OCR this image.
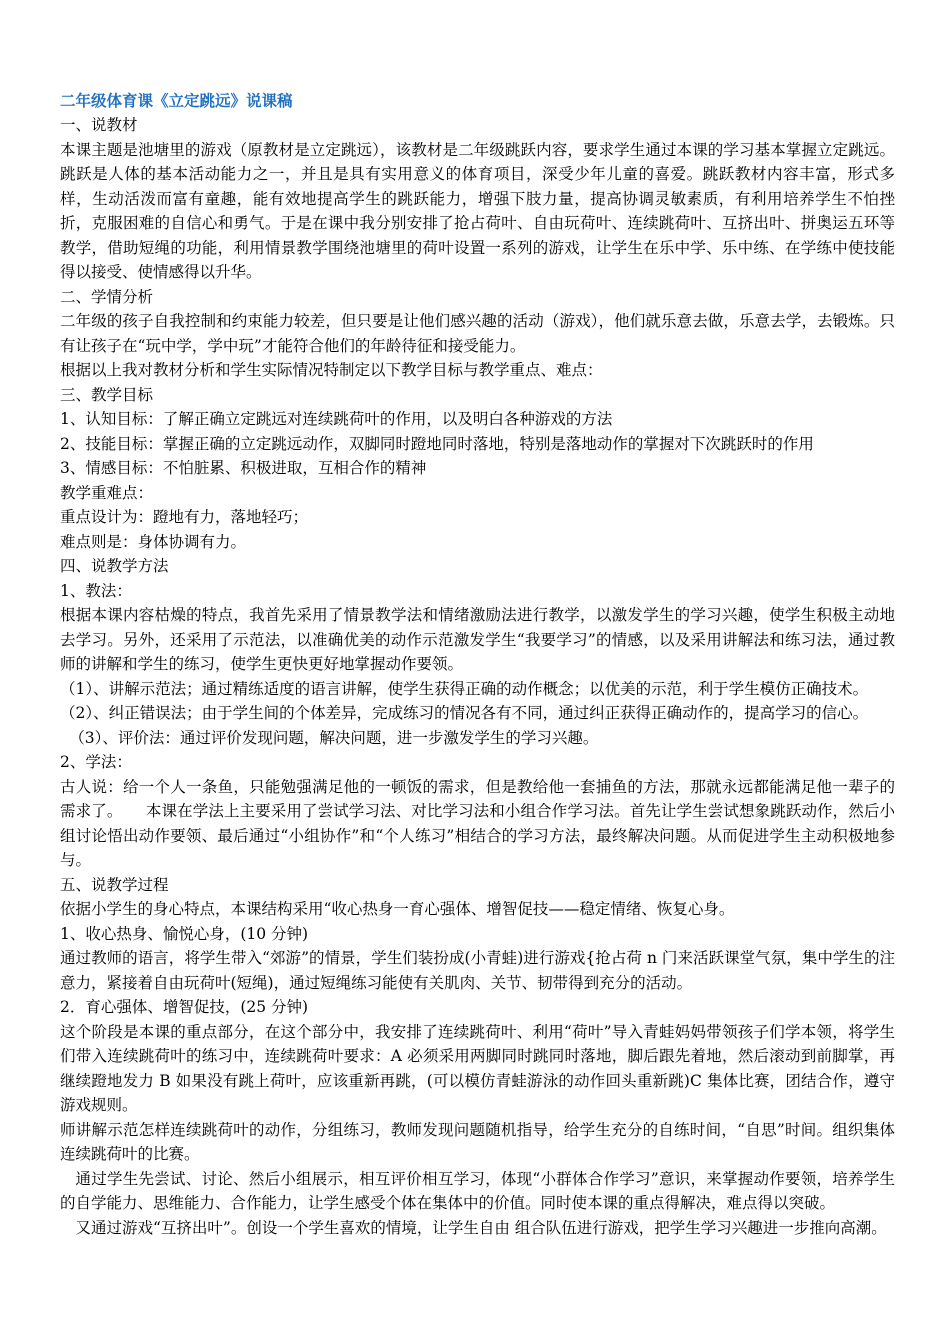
二年级体育课《立定跳远》说课稿

一、说教材

本课主题是池塘里的游戏（原教材是立定跳远），该教材是二年级跳跃内容，要求学生通过本课的学习基本掌握立定跳远。跳跃是人体的基本活动能力之一，并且是具有实用意义的体育项目，深受少年儿童的喜爱。跳跃教材内容丰富，形式多样，生动活泼而富有童趣，能有效地提高学生的跳跃能力，增强下肢力量，提高协调灵敏素质，有利用培养学生不怕挫折，克服困难的自信心和勇气。于是在课中我分别安排了抢占荷叶、自由玩荷叶、连续跳荷叶、互挤出叶、拼奥运五环等教学，借助短绳的功能，利用情景教学围绕池塘里的荷叶设置一系列的游戏，让学生在乐中学、乐中练、在学练中使技能得以接受、使情感得以升华。

二、学情分析

二年级的孩子自我控制和约束能力较差，但只要是让他们感兴趣的活动（游戏），他们就乐意去做，乐意去学，去锻炼。只有让孩子在“玩中学，学中玩”才能符合他们的年龄待征和接受能力。

根据以上我对教材分析和学生实际情况特制定以下教学目标与教学重点、难点：

三、教学目标

1、认知目标：了解正确立定跳远对连续跳荷叶的作用，以及明白各种游戏的方法

2、技能目标：掌握正确的立定跳远动作，双脚同时蹬地同时落地，特别是落地动作的掌握对下次跳跃时的作用

3、情感目标：不怕脏累、积极进取，互相合作的精神

教学重难点：

重点设计为：蹬地有力，落地轻巧；

难点则是：身体协调有力。

四、说教学方法

1、教法：

根据本课内容枯燥的特点，我首先采用了情景教学法和情绪激励法进行教学，以激发学生的学习兴趣，使学生积极主动地去学习。另外，还采用了示范法，以准确优美的动作示范激发学生“我要学习”的情感，以及采用讲解法和练习法，通过教师的讲解和学生的练习，使学生更快更好地掌握动作要领。

（1）、讲解示范法；通过精练适度的语言讲解，使学生获得正确的动作概念；以优美的示范，利于学生模仿正确技术。

（2）、纠正错误法；由于学生间的个体差异，完成练习的情况各有不同，通过纠正获得正确动作的，提高学习的信心。

（3）、评价法：通过评价发现问题，解决问题，进一步激发学生的学习兴趣。

2、学法：

古人说：给一个人一条鱼，只能勉强满足他的一顿饭的需求，但是教给他一套捕鱼的方法，那就永远都能满足他一辈子的需求了。　　本课在学法上主要采用了尝试学习法、对比学习法和小组合作学习法。首先让学生尝试想象跳跃动作，然后小组讨论悟出动作要领、最后通过“小组协作”和“个人练习”相结合的学习方法，最终解决问题。从而促进学生主动积极地参与。

五、说教学过程

依据小学生的身心特点，本课结构采用“收心热身一育心强体、增智促技——稳定情绪、恢复心身。

1、收心热身、愉悦心身，(10 分钟)

通过教师的语言，将学生带入“郊游”的情景，学生们装扮成(小青蛙)进行游戏{抢占荷 n 门来活跃课堂气氛，集中学生的注意力，紧接着自由玩荷叶(短绳)，通过短绳练习能使有关肌肉、关节、韧带得到充分的活动。

2．育心强体、增智促技，(25 分钟)

这个阶段是本课的重点部分，在这个部分中，我安排了连续跳荷叶、利用“荷叶”导入青蛙妈妈带领孩子们学本领，将学生们带入连续跳荷叶的练习中，连续跳荷叶要求：A 必须采用两脚同时跳同时落地，脚后跟先着地，然后滚动到前脚掌，再继续蹬地发力 B 如果没有跳上荷叶，应该重新再跳，(可以模仿青蛙游泳的动作回头重新跳)C 集体比赛，团结合作，遵守游戏规则。

师讲解示范怎样连续跳荷叶的动作，分组练习，教师发现问题随机指导，给学生充分的自练时间，“自思”时间。组织集体连续跳荷叶的比赛。

通过学生先尝试、讨论、然后小组展示，相互评价相互学习，体现“小群体合作学习”意识，来掌握动作要领，培养学生的自学能力、思维能力、合作能力，让学生感受个体在集体中的价值。同时使本课的重点得解决，难点得以突破。

又通过游戏“互挤出叶”。创设一个学生喜欢的情境，让学生自由 组合队伍进行游戏，把学生学习兴趣进一步推向高潮。
